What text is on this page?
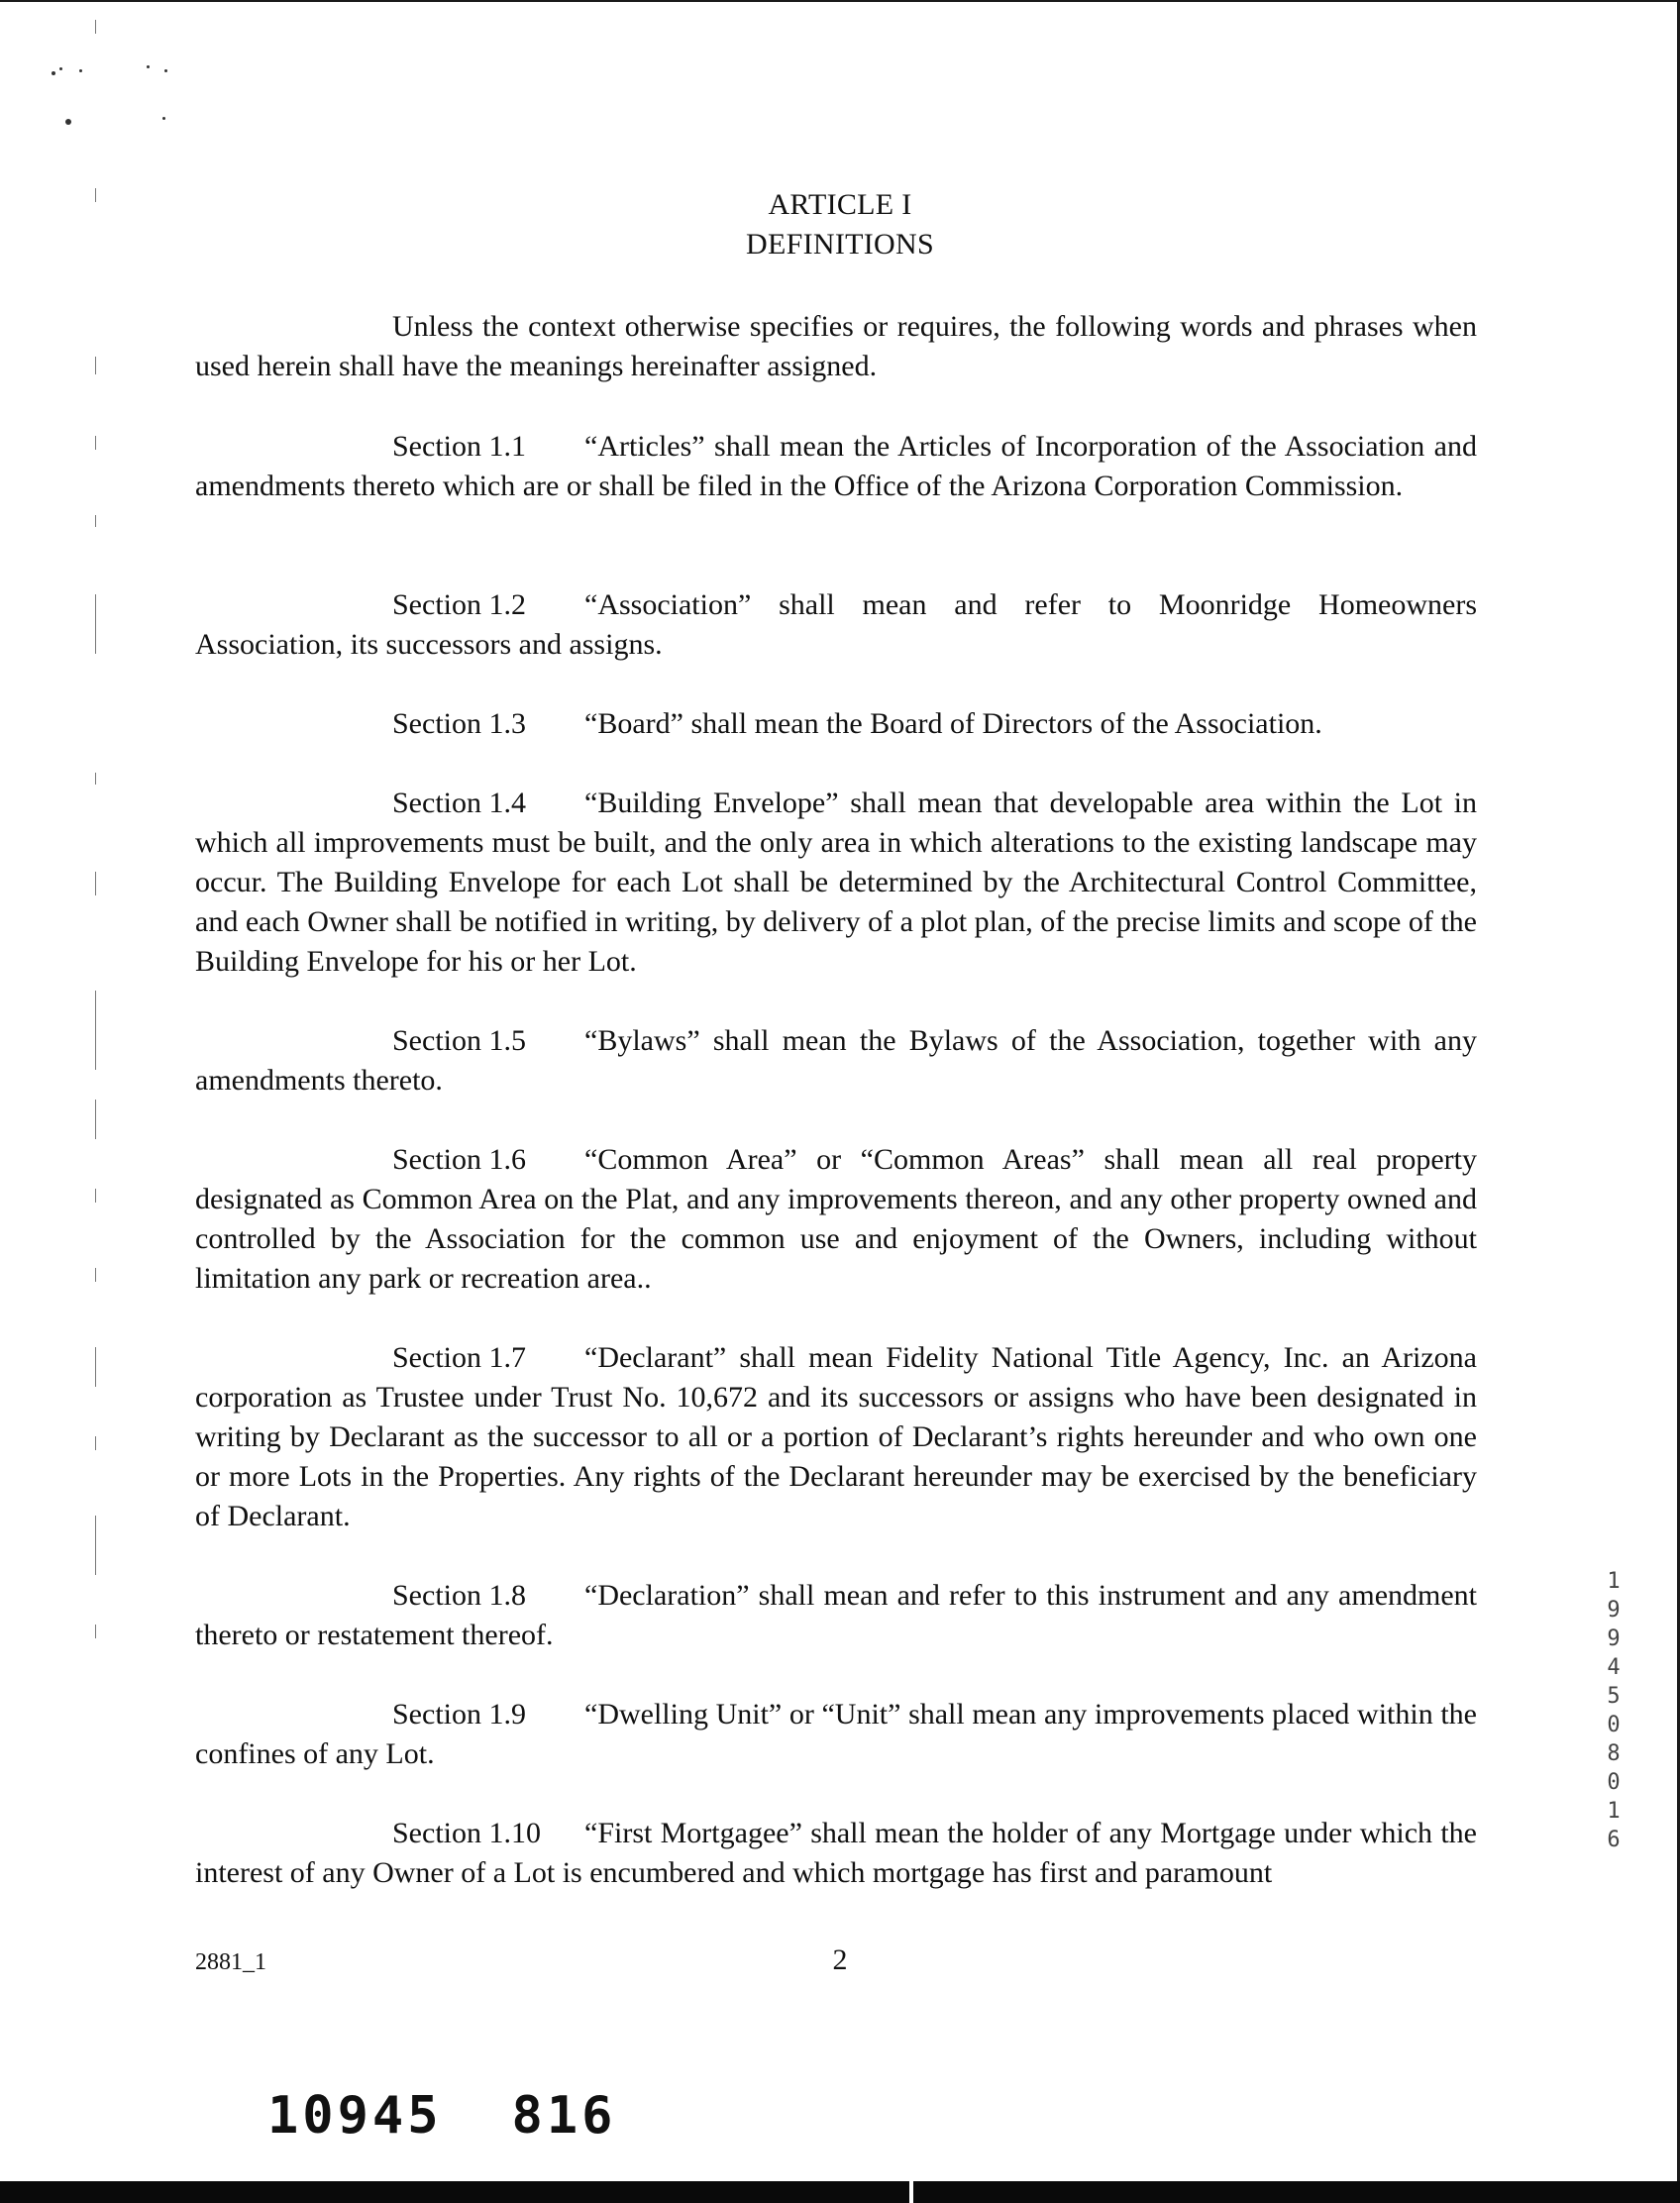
ARTICLE I
DEFINITIONS
Unless the context otherwise specifies or requires, the following words and phrases when used herein shall have the meanings hereinafter assigned.
Section 1.1 “Articles” shall mean the Articles of Incorporation of the Association and amendments thereto which are or shall be filed in the Office of the Arizona Corporation Commission.
Section 1.2 “Association” shall mean and refer to Moonridge Homeowners Association, its successors and assigns.
Section 1.3 “Board” shall mean the Board of Directors of the Association.
Section 1.4 “Building Envelope” shall mean that developable area within the Lot in which all improvements must be built, and the only area in which alterations to the existing landscape may occur. The Building Envelope for each Lot shall be determined by the Architectural Control Committee, and each Owner shall be notified in writing, by delivery of a plot plan, of the precise limits and scope of the Building Envelope for his or her Lot.
Section 1.5 “Bylaws” shall mean the Bylaws of the Association, together with any amendments thereto.
Section 1.6 “Common Area” or “Common Areas” shall mean all real property designated as Common Area on the Plat, and any improvements thereon, and any other property owned and controlled by the Association for the common use and enjoyment of the Owners, including without limitation any park or recreation area..
Section 1.7 “Declarant” shall mean Fidelity National Title Agency, Inc. an Arizona corporation as Trustee under Trust No. 10,672 and its successors or assigns who have been designated in writing by Declarant as the successor to all or a portion of Declarant’s rights hereunder and who own one or more Lots in the Properties. Any rights of the Declarant hereunder may be exercised by the beneficiary of Declarant.
Section 1.8 “Declaration” shall mean and refer to this instrument and any amendment thereto or restatement thereof.
Section 1.9 “Dwelling Unit” or “Unit” shall mean any improvements placed within the confines of any Lot.
Section 1.10 “First Mortgagee” shall mean the holder of any Mortgage under which the interest of any Owner of a Lot is encumbered and which mortgage has first and paramount
2881_1	2
10945 816
19945 08016
